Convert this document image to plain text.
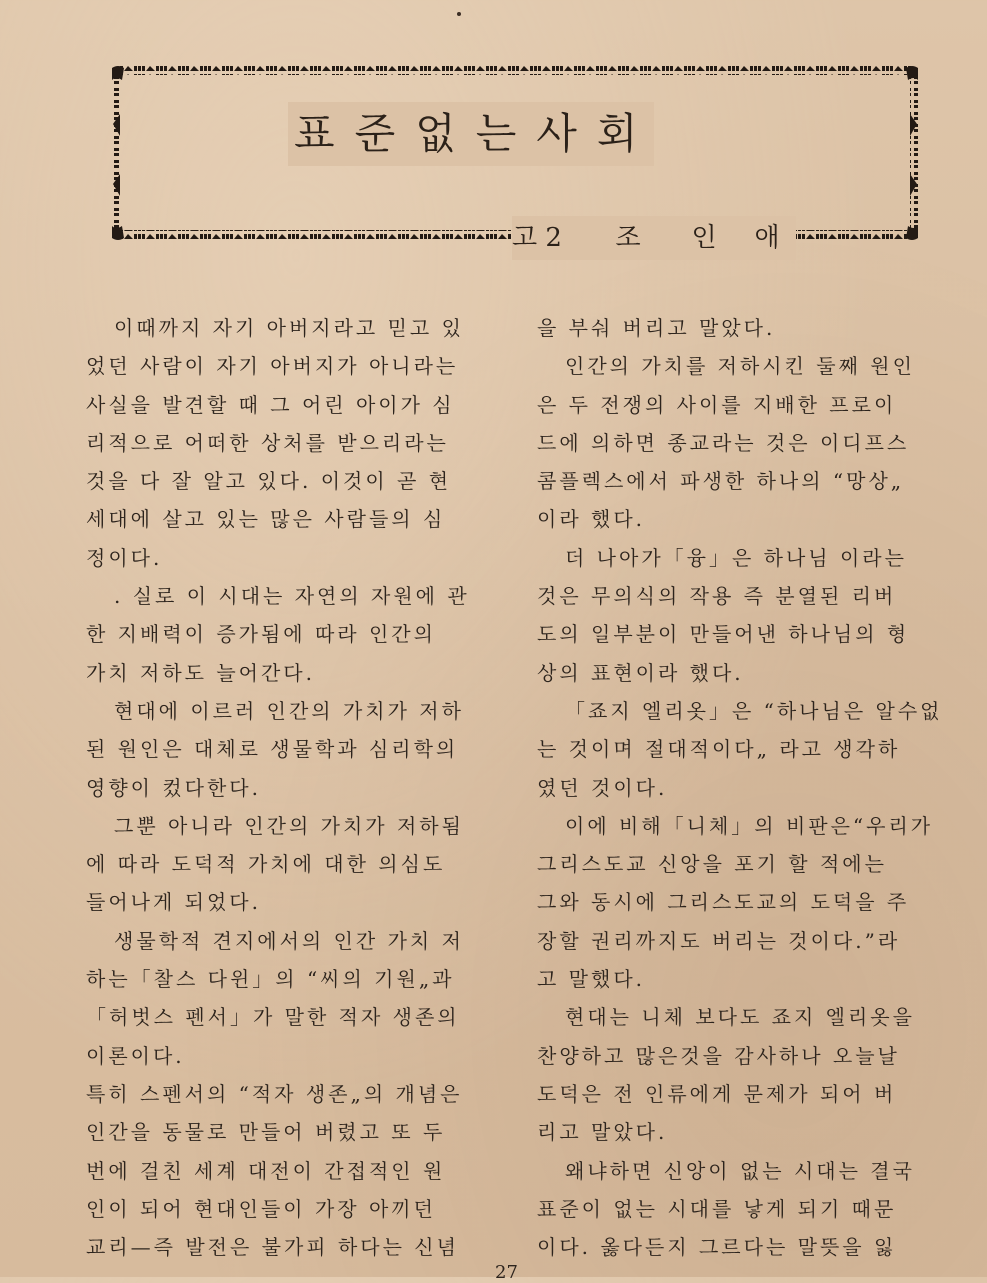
표준없는사회
고 2 조 인 애
이때까지 자기 아버지라고 믿고 있
었던 사람이 자기 아버지가 아니라는
사실을 발견할 때 그 어린 아이가 심
리적으로 어떠한 상처를 받으리라는
것을 다 잘 알고 있다. 이것이 곧 현
세대에 살고 있는 많은 사람들의 심
정이다.
. 실로 이 시대는 자연의 자원에 관
한 지배력이 증가됨에 따라 인간의
가치 저하도 늘어간다.
현대에 이르러 인간의 가치가 저하
된 원인은 대체로 생물학과 심리학의
영향이 컸다한다.
그뿐 아니라 인간의 가치가 저하됨
에 따라 도덕적 가치에 대한 의심도
들어나게 되었다.
생물학적 견지에서의 인간 가치 저
하는「찰스 다윈」의 “씨의 기원„과
「허벗스 펜서」가 말한 적자 생존의
이론이다.
특히 스펜서의 “적자 생존„의 개념은
인간을 동물로 만들어 버렸고 또 두
번에 걸친 세계 대전이 간접적인 원
인이 되어 현대인들이 가장 아끼던
교리—즉 발전은 불가피 하다는 신념
을 부숴 버리고 말았다.
인간의 가치를 저하시킨 둘째 원인
은 두 전쟁의 사이를 지배한 프로이
드에 의하면 종교라는 것은 이디프스
콤플렉스에서 파생한 하나의 “망상„
이라 했다.
더 나아가「융」은 하나님 이라는
것은 무의식의 작용 즉 분열된 리버
도의 일부분이 만들어낸 하나님의 형
상의 표현이라 했다.
「죠지 엘리옷」은 “하나님은 알수없
는 것이며 절대적이다„ 라고 생각하
였던 것이다.
이에 비해「니체」의 비판은“우리가
그리스도교 신앙을 포기 할 적에는
그와 동시에 그리스도교의 도덕을 주
장할 권리까지도 버리는 것이다.”라
고 말했다.
현대는 니체 보다도 죠지 엘리옷을
찬양하고 많은것을 감사하나 오늘날
도덕은 전 인류에게 문제가 되어 버
리고 말았다.
왜냐하면 신앙이 없는 시대는 결국
표준이 없는 시대를 낳게 되기 때문
이다. 옳다든지 그르다는 말뜻을 잃
27
